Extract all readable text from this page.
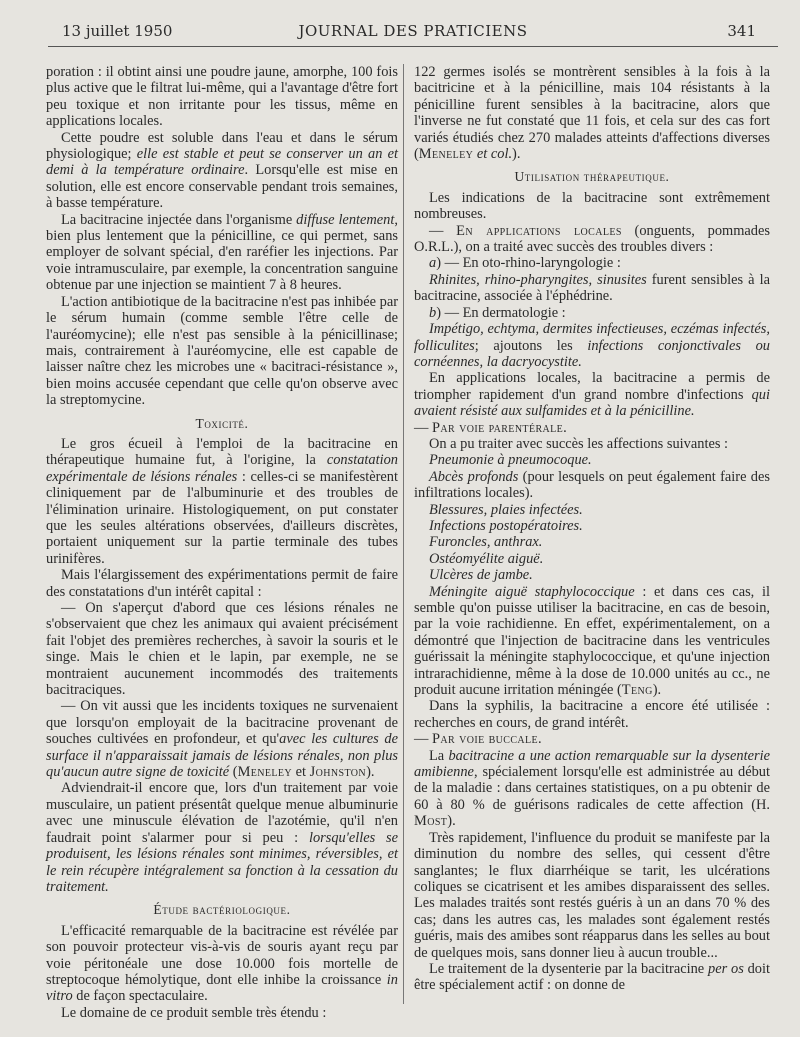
13 juillet 1950	JOURNAL DES PRATICIENS	341

poration : il obtint ainsi une poudre jaune, amorphe, 100 fois plus active que le filtrat lui-même, qui a l'avantage d'être fort peu toxique et non irritante pour les tissus, même en applications locales.

Cette poudre est soluble dans l'eau et dans le sérum physiologique; elle est stable et peut se conserver un an et demi à la température ordinaire. Lorsqu'elle est mise en solution, elle est encore conservable pendant trois semaines, à basse température.

La bacitracine injectée dans l'organisme diffuse lentement, bien plus lentement que la pénicilline, ce qui permet, sans employer de solvant spécial, d'en raréfier les injections. Par voie intramusculaire, par exemple, la concentration sanguine obtenue par une injection se maintient 7 à 8 heures.

L'action antibiotique de la bacitracine n'est pas inhibée par le sérum humain (comme semble l'être celle de l'auréomycine); elle n'est pas sensible à la pénicillinase; mais, contrairement à l'auréomycine, elle est capable de laisser naître chez les microbes une « bacitraci-résistance », bien moins accusée cependant que celle qu'on observe avec la streptomycine.

Toxicité.

Le gros écueil à l'emploi de la bacitracine en thérapeutique humaine fut, à l'origine, la constatation expérimentale de lésions rénales : celles-ci se manifestèrent cliniquement par de l'albuminurie et des troubles de l'élimination urinaire. Histologiquement, on put constater que les seules altérations observées, d'ailleurs discrètes, portaient uniquement sur la partie terminale des tubes urinifères.

Mais l'élargissement des expérimentations permit de faire des constatations d'un intérêt capital :

— On s'aperçut d'abord que ces lésions rénales ne s'observaient que chez les animaux qui avaient précisément fait l'objet des premières recherches, à savoir la souris et le singe. Mais le chien et le lapin, par exemple, ne se montraient aucunement incommodés des traitements bacitraciques.

— On vit aussi que les incidents toxiques ne survenaient que lorsqu'on employait de la bacitracine provenant de souches cultivées en profondeur, et qu'avec les cultures de surface il n'apparaissait jamais de lésions rénales, non plus qu'aucun autre signe de toxicité (Meneley et Johnston).

Adviendrait-il encore que, lors d'un traitement par voie musculaire, un patient présentât quelque menue albuminurie avec une minuscule élévation de l'azotémie, qu'il n'en faudrait point s'alarmer pour si peu : lorsqu'elles se produisent, les lésions rénales sont minimes, réversibles, et le rein récupère intégralement sa fonction à la cessation du traitement.

Étude bactériologique.

L'efficacité remarquable de la bacitracine est révélée par son pouvoir protecteur vis-à-vis de souris ayant reçu par voie péritonéale une dose 10.000 fois mortelle de streptocoque hémolytique, dont elle inhibe la croissance in vitro de façon spectaculaire.

Le domaine de ce produit semble très étendu :

122 germes isolés se montrèrent sensibles à la fois à la bacitricine et à la pénicilline, mais 104 résistants à la pénicilline furent sensibles à la bacitracine, alors que l'inverse ne fut constaté que 11 fois, et cela sur des cas fort variés étudiés chez 270 malades atteints d'affections diverses (Meneley et col.).

Utilisation thérapeutique.

Les indications de la bacitracine sont extrêmement nombreuses.

— En applications locales (onguents, pommades O.R.L.), on a traité avec succès des troubles divers :

a) — En oto-rhino-laryngologie :

Rhinites, rhino-pharyngites, sinusites furent sensibles à la bacitracine, associée à l'éphédrine.

b) — En dermatologie :

Impétigo, echtyma, dermites infectieuses, eczémas infectés, folliculites; ajoutons les infections conjonctivales ou cornéennes, la dacryocystite.

En applications locales, la bacitracine a permis de triompher rapidement d'un grand nombre d'infections qui avaient résisté aux sulfamides et à la pénicilline.

— Par voie parentérale.

On a pu traiter avec succès les affections suivantes :

Pneumonie à pneumocoque.

Abcès profonds (pour lesquels on peut également faire des infiltrations locales).

Blessures, plaies infectées.

Infections postopératoires.

Furoncles, anthrax.

Ostéomyélite aiguë.

Ulcères de jambe.

Méningite aiguë staphylococcique : et dans ces cas, il semble qu'on puisse utiliser la bacitracine, en cas de besoin, par la voie rachidienne. En effet, expérimentalement, on a démontré que l'injection de bacitracine dans les ventricules guérissait la méningite staphylococcique, et qu'une injection intrarachidienne, même à la dose de 10.000 unités au cc., ne produit aucune irritation méningée (Teng).

Dans la syphilis, la bacitracine a encore été utilisée : recherches en cours, de grand intérêt.

— Par voie buccale.

La bacitracine a une action remarquable sur la dysenterie amibienne, spécialement lorsqu'elle est administrée au début de la maladie : dans certaines statistiques, on a pu obtenir de 60 à 80 % de guérisons radicales de cette affection (H. Most).

Très rapidement, l'influence du produit se manifeste par la diminution du nombre des selles, qui cessent d'être sanglantes; le flux diarrhéique se tarit, les ulcérations coliques se cicatrisent et les amibes disparaissent des selles. Les malades traités sont restés guéris à un an dans 70 % des cas; dans les autres cas, les malades sont également restés guéris, mais des amibes sont réapparus dans les selles au bout de quelques mois, sans donner lieu à aucun trouble...

Le traitement de la dysenterie par la bacitracine per os doit être spécialement actif : on donne de
